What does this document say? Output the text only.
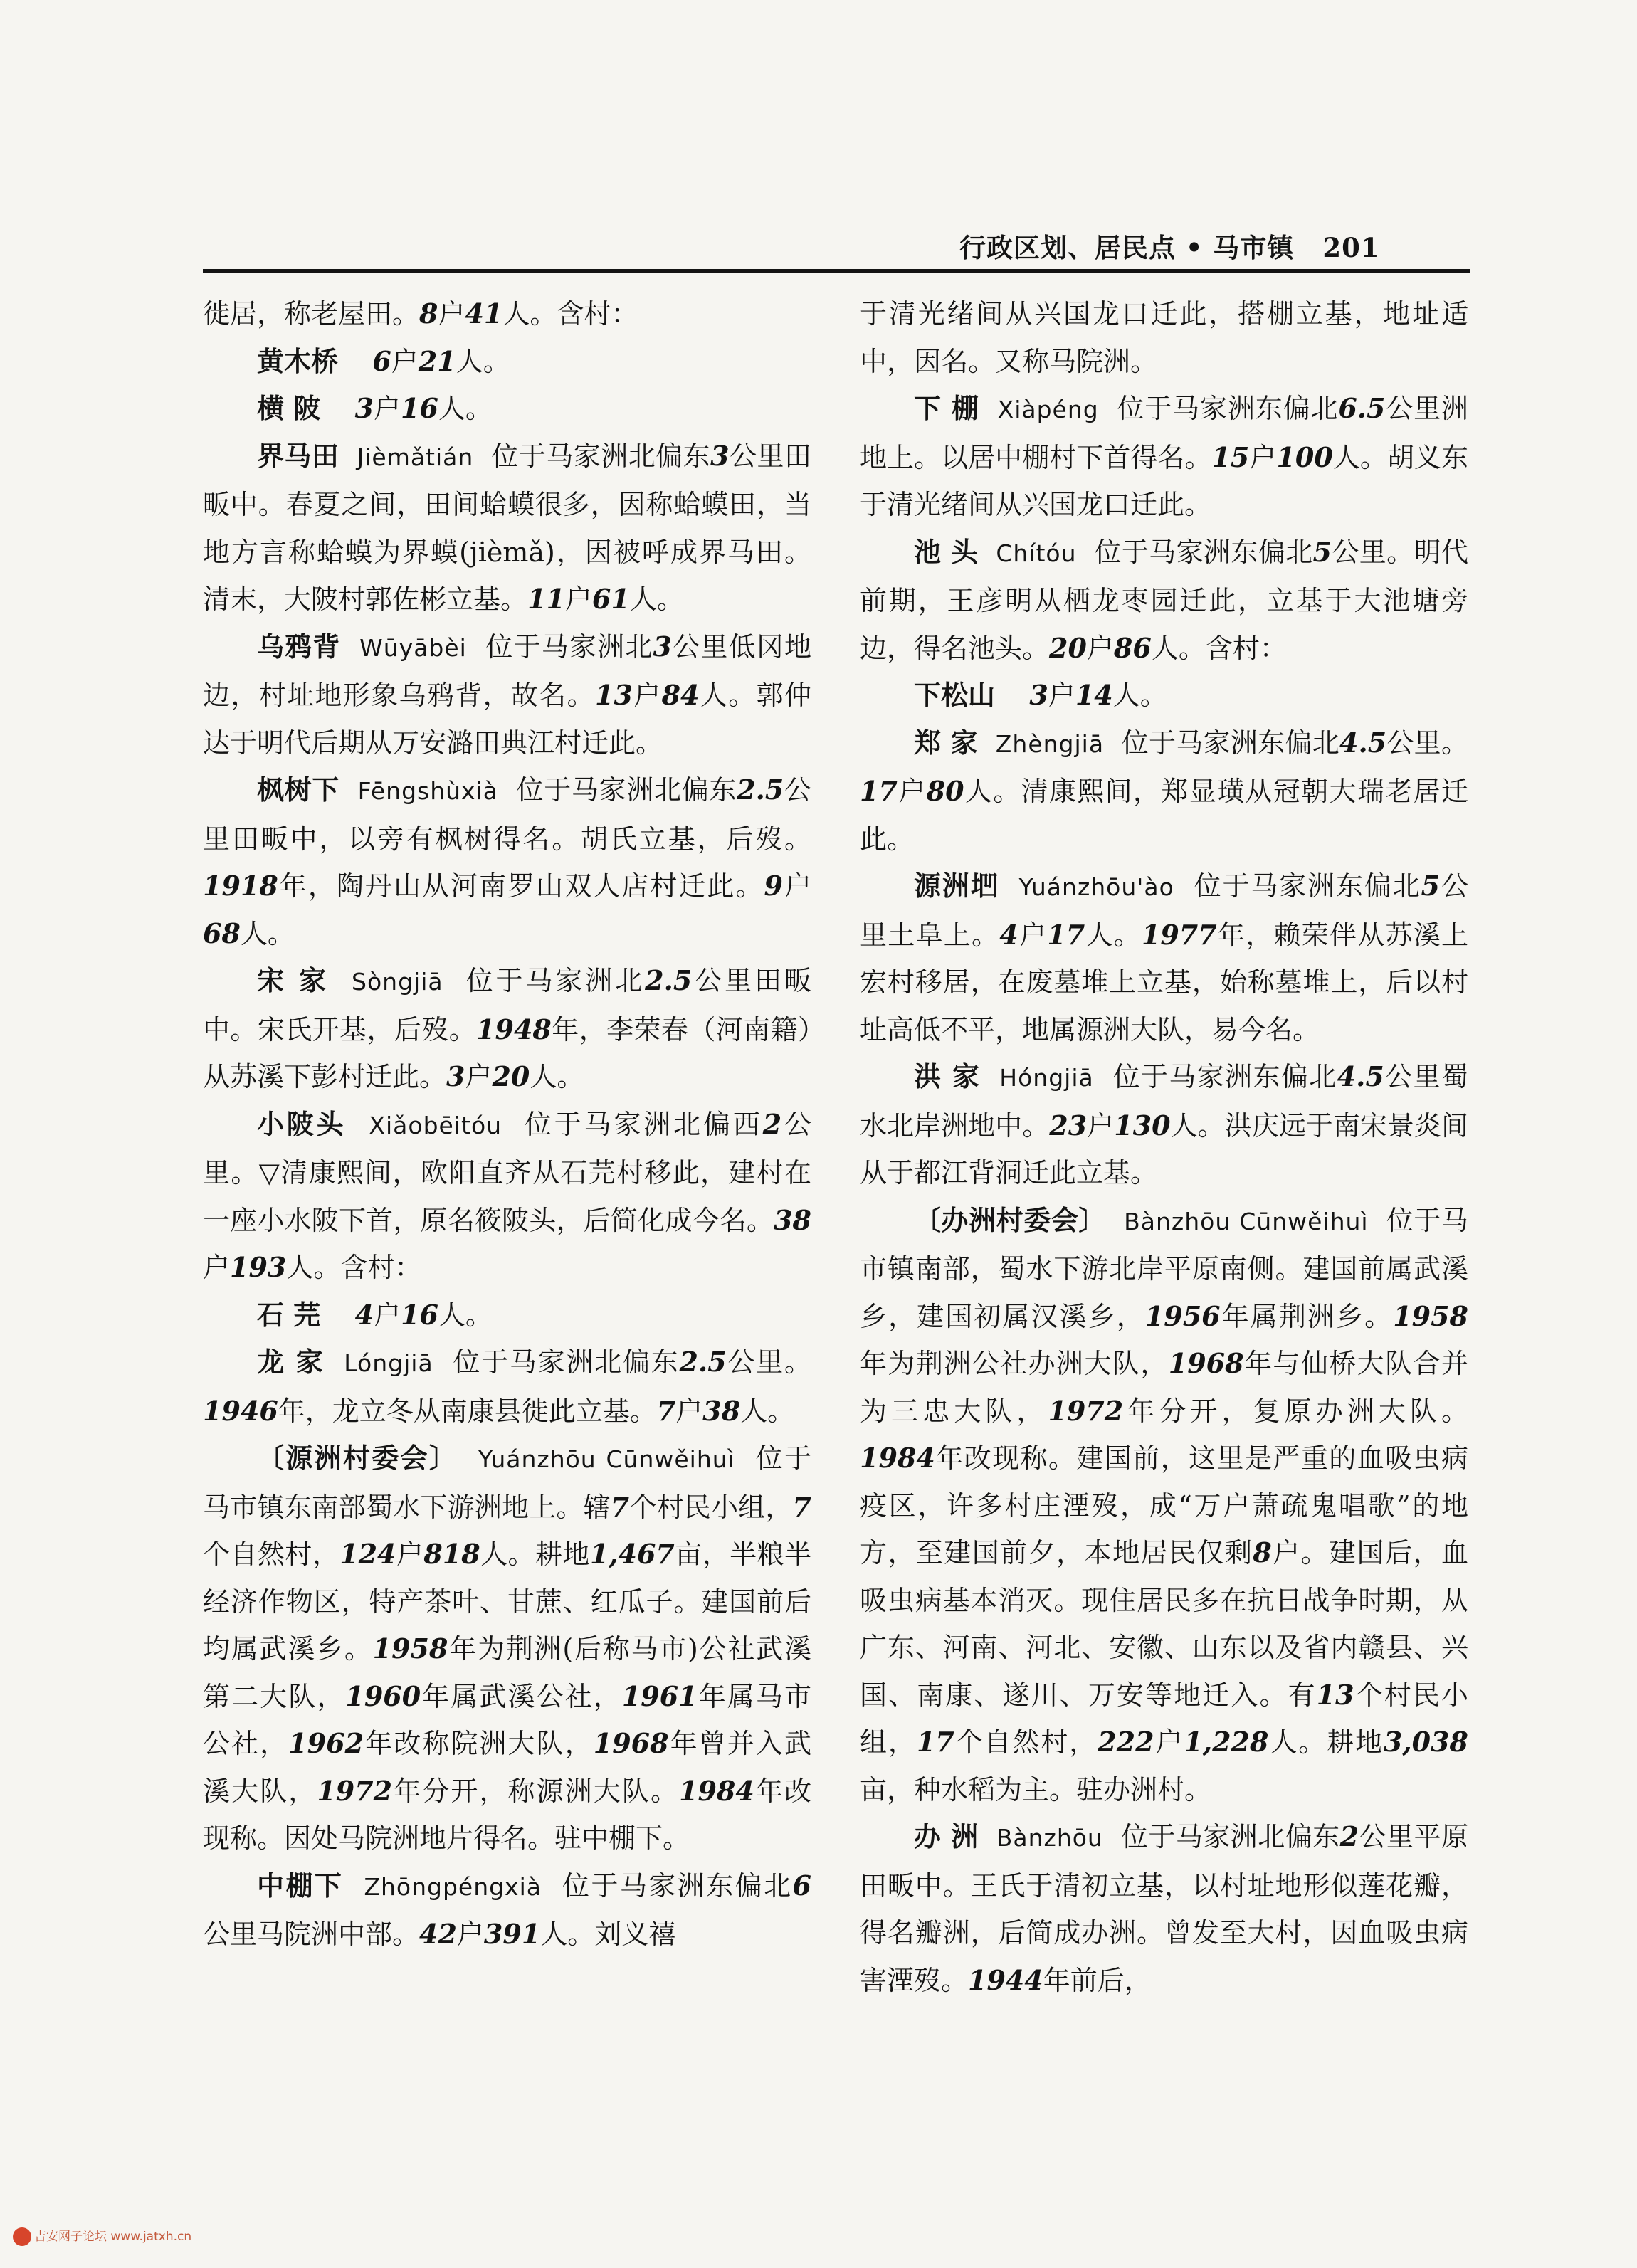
行政区划、居民点 • 马市镇 201

徙居，称老屋田。8户41人。含村：

黄木桥 6户21人。

横 陂 3户16人。

界马田 Jièmǎtián 位于马家洲北偏东3公里田畈中。春夏之间，田间蛤蟆很多，因称蛤蟆田，当地方言称蛤蟆为界蟆(jièmǎ)，因被呼成界马田。清末，大陂村郭佐彬立基。11户61人。

乌鸦背 Wūyābèi 位于马家洲北3公里低冈地边，村址地形象乌鸦背，故名。13户84人。郭仲达于明代后期从万安潞田典江村迁此。

枫树下 Fēngshùxià 位于马家洲北偏东2.5公里田畈中，以旁有枫树得名。胡氏立基，后歿。1918年，陶丹山从河南罗山双人店村迁此。9户68人。

宋 家 Sòngjiā 位于马家洲北2.5公里田畈中。宋氏开基，后歿。1948年，李荣春（河南籍）从苏溪下彭村迁此。3户20人。

小陂头 Xiǎobēitóu 位于马家洲北偏西2公里。▽清康熙间，欧阳直齐从石芫村移此，建村在一座小水陂下首，原名筱陂头，后简化成今名。38户193人。含村：

石 芫 4户16人。

龙 家 Lóngjiā 位于马家洲北偏东2.5公里。1946年，龙立冬从南康县徙此立基。7户38人。

〔源洲村委会〕 Yuánzhōu Cūnwěihuì 位于马市镇东南部蜀水下游洲地上。辖7个村民小组，7个自然村，124户818人。耕地1,467亩，半粮半经济作物区，特产茶叶、甘蔗、红瓜子。建国前后均属武溪乡。1958年为荆洲(后称马市)公社武溪第二大队，1960年属武溪公社，1961年属马市公社，1962年改称院洲大队，1968年曾并入武溪大队，1972年分开，称源洲大队。1984年改现称。因处马院洲地片得名。驻中棚下。

中棚下 Zhōngpéngxià 位于马家洲东偏北6公里马院洲中部。42户391人。刘义禧

于清光绪间从兴国龙口迁此，搭棚立基，地址适中，因名。又称马院洲。

下 棚 Xiàpéng 位于马家洲东偏北6.5公里洲地上。以居中棚村下首得名。15户100人。胡义东于清光绪间从兴国龙口迁此。

池 头 Chítóu 位于马家洲东偏北5公里。明代前期，王彦明从栖龙枣园迁此，立基于大池塘旁边，得名池头。20户86人。含村：

下松山 3户14人。

郑 家 Zhèngjiā 位于马家洲东偏北4.5公里。17户80人。清康熙间，郑显璜从冠朝大瑞老居迁此。

源洲垇 Yuánzhōu'ào 位于马家洲东偏北5公里土阜上。4户17人。1977年，赖荣伴从苏溪上宏村移居，在废墓堆上立基，始称墓堆上，后以村址高低不平，地属源洲大队，易今名。

洪 家 Hóngjiā 位于马家洲东偏北4.5公里蜀水北岸洲地中。23户130人。洪庆远于南宋景炎间从于都江背洞迁此立基。

〔办洲村委会〕 Bànzhōu Cūnwěihuì 位于马市镇南部，蜀水下游北岸平原南侧。建国前属武溪乡，建国初属汉溪乡，1956年属荆洲乡。1958年为荆洲公社办洲大队，1968年与仙桥大队合并为三忠大队，1972年分开，复原办洲大队。1984年改现称。建国前，这里是严重的血吸虫病疫区，许多村庄湮歿，成“万户萧疏鬼唱歌”的地方，至建国前夕，本地居民仅剩8户。建国后，血吸虫病基本消灭。现住居民多在抗日战争时期，从广东、河南、河北、安徽、山东以及省内赣县、兴国、南康、遂川、万安等地迁入。有13个村民小组，17个自然村，222户1,228人。耕地3,038亩，种水稻为主。驻办洲村。

办 洲 Bànzhōu 位于马家洲北偏东2公里平原田畈中。王氏于清初立基，以村址地形似莲花瓣，得名瓣洲，后简成办洲。曾发至大村，因血吸虫病害湮歿。1944年前后，

吉安网子论坛 www.jatxh.cn
